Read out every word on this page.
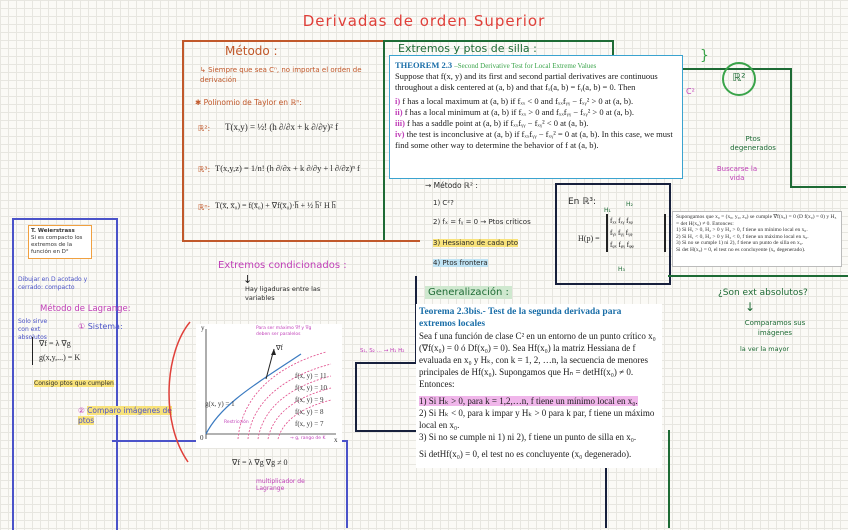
Derivadas de orden Superior
Método :
↳ Siempre que sea Cⁿ, no importa el orden de derivación
✱ Polinomio de Taylor en ℝⁿ:
ℝ²: T(x,y) = ½! (h ∂/∂x + k ∂/∂y)² f
ℝ³: T(x,y,z) = 1/n! (h ∂/∂x + k ∂/∂y + l ∂/∂z)ⁿ f
ℝⁿ: T(x̅, x̅₀) = f(x̅₀) + ∇f(x̅₀)·h̅ + ½ h̅ᵀ H h̅
Extremos y ptos de silla :
THEOREM 2.3 –Second Derivative Test for Local Extreme Values
Suppose that f(x, y) and its first and second partial derivatives are continuous throughout a disk centered at (a, b) and that fₓ(a, b) = fᵧ(a, b) = 0. Then
i) f has a local maximum at (a, b) if fₓₓ < 0 and fₓₓfᵧᵧ − fₓᵧ² > 0 at (a, b).
ii) f has a local minimum at (a, b) if fₓₓ > 0 and fₓₓfᵧᵧ − fₓᵧ² > 0 at (a, b).
iii) f has a saddle point at (a, b) if fₓₓfᵧᵧ − fₓᵧ² < 0 at (a, b).
iv) the test is inconclusive at (a, b) if fₓₓfᵧᵧ − fₓᵧ² = 0 at (a, b). In this case, we must find some other way to determine the behavior of f at (a, b).
ℝ²
}
Ptos degenerados
Buscarse la vida
C²
→ Método ℝ² :
1) C²?
2) fₓ = fᵧ = 0 → Ptos críticos
3) Hessiano de cada pto
4) Ptos frontera
En ℝ³:
H(p) =
fₓₓ fₓᵧ fₓᵩ
fᵧₓ fᵧᵧ fᵧᵩ
fᵩₓ fᵩᵧ fᵩᵩ
H₁
H₂
H₃
Supongamos que x₀ = (x₀, y₀, z₀) se cumple ∇f(x₀) = 0 (D f(x₀) = 0) y H₃ = det H(x₀) ≠ 0. Entonces:
1) Si H₁ > 0, H₂ > 0 y H₃ > 0, f tiene un mínimo local en x₀.
2) Si H₁ < 0, H₂ > 0 y H₃ < 0, f tiene un máximo local en x₀.
3) Si no se cumple 1) ni 2), f tiene un punto de silla en x₀.
Si det H(x₀) = 0, el test no es concluyente (x₀ degenerado).
Generalización :
S₁, S₂ ... → H₁ H₂
Teorema 2.3bis.- Test de la segunda derivada para extremos locales
Sea f una función de clase C² en un entorno de un punto crítico x₀ (∇f(x₀) = 0 ó Df(x₀) = 0). Sea Hf(x₀) la matriz Hessiana de f evaluada en x₀ y Hₖ, con k = 1, 2, …n, la secuencia de menores principales de Hf(x₀). Supongamos que Hₙ = detHf(x₀) ≠ 0. Entonces:
1) Si Hₖ > 0, para k = 1,2,…n, f tiene un mínimo local en x₀.
2) Si Hₖ < 0, para k impar y Hₖ > 0 para k par, f tiene un máximo local en x₀.
3) Si no se cumple ni 1) ni 2), f tiene un punto de silla en x₀.
Si detHf(x₀) = 0, el test no es concluyente (x₀ degenerado).
¿Son ext absolutos?
↓
Comparamos sus imágenes
la ver la mayor
T. Weierstrass
Si es compacto los extremos de la función en D°
Dibujar en D acotado y cerrado: compacto
Extremos condicionados :
↓
Hay ligaduras entre las variables
Método de Lagrange:
Solo sirve con ext absolutos
① Sistema:
∇f = λ ∇g
g(x,y,...) = K
Consigo ptos que cumplen
② Comparo imágenes de ptos
∇f = λ ∇g ∇g ≠ 0
multiplicador de Lagrange
f(x, y) = 11
f(x, y) = 10
f(x, y) = 9
f(x, y) = 8
f(x, y) = 7
g(x, y) = 1
x
y
0
∇f
Para ser máximo ∇f y ∇g deben ser paralelos
→ g, rango de K
Restricción
